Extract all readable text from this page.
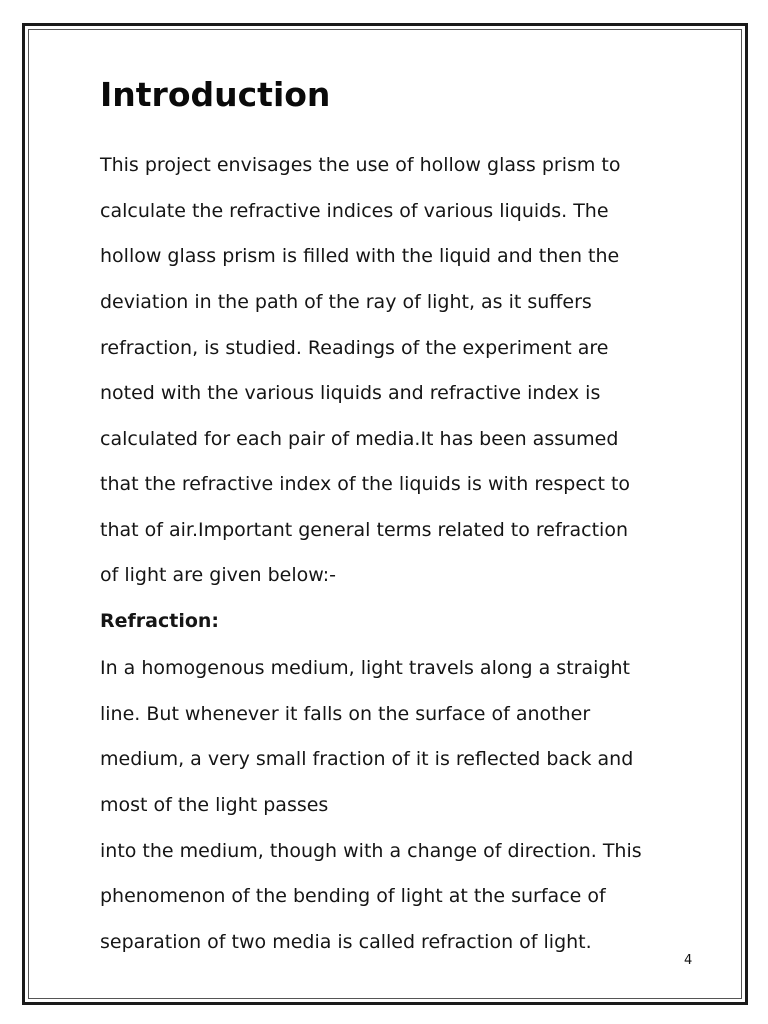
Introduction

This project envisages the use of hollow glass prism to

calculate the refractive indices of various liquids. The

hollow glass prism is filled with the liquid and then the

deviation in the path of the ray of light, as it suffers

refraction, is studied. Readings of the experiment are

noted with the various liquids and refractive index is

calculated for each pair of media.It has been assumed

that the refractive index of the liquids is with respect to

that of air.Important general terms related to refraction

of light are given below:-

Refraction:

In a homogenous medium, light travels along a straight

line. But whenever it falls on the surface of another

medium, a very small fraction of it is reflected back and

most of the light passes

into the medium, though with a change of direction. This

phenomenon of the bending of light at the surface of

separation of two media is called refraction of light.

4
